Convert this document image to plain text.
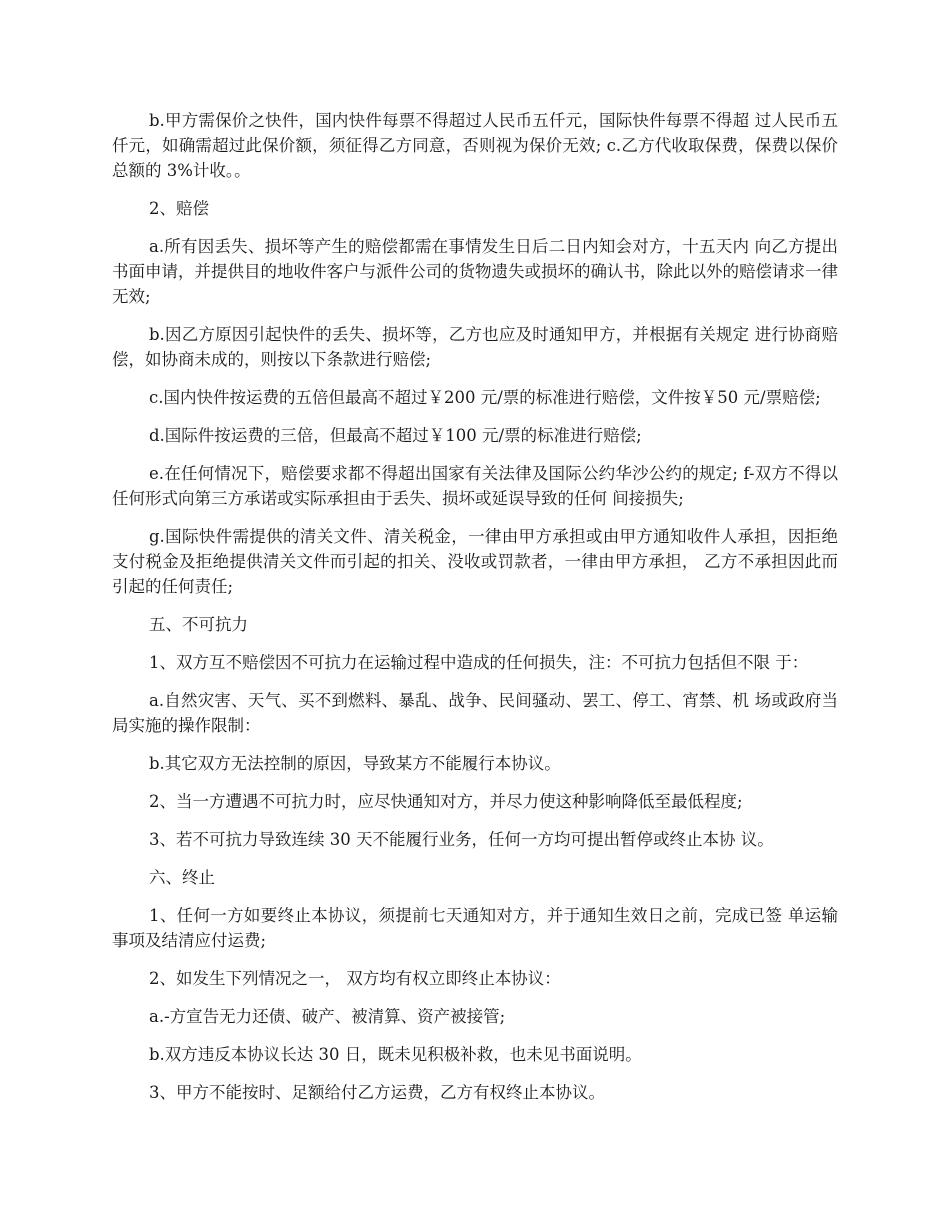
b.甲方需保价之快件，国内快件每票不得超过人民币五仟元，国际快件每票不得超 过人民币五仟元，如确需超过此保价额，须征得乙方同意，否则视为保价无效; c.乙方代收取保费，保费以保价总额的 3%计收。。

2、赔偿

a.所有因丢失、损坏等产生的赔偿都需在事情发生日后二日内知会对方，十五天内 向乙方提出书面申请，并提供目的地收件客户与派件公司的货物遗失或损坏的确认书，除此以外的赔偿请求一律无效;

b.因乙方原因引起快件的丢失、损坏等，乙方也应及时通知甲方，并根据有关规定 进行协商赔偿，如协商未成的，则按以下条款进行赔偿;

c.国内快件按运费的五倍但最高不超过￥200 元/票的标准进行赔偿，文件按￥50 元/票赔偿;

d.国际件按运费的三倍，但最高不超过￥100 元/票的标准进行赔偿;

e.在任何情况下，赔偿要求都不得超出国家有关法律及国际公约华沙公约的规定; f-双方不得以任何形式向第三方承诺或实际承担由于丢失、损坏或延误导致的任何 间接损失;

g.国际快件需提供的清关文件、清关税金，一律由甲方承担或由甲方通知收件人承担，因拒绝支付税金及拒绝提供清关文件而引起的扣关、没收或罚款者，一律由甲方承担， 乙方不承担因此而引起的任何责任;

五、不可抗力

1、双方互不赔偿因不可抗力在运输过程中造成的任何损失，注：不可抗力包括但不限 于：

a.自然灾害、天气、买不到燃料、暴乱、战争、民间骚动、罢工、停工、宵禁、机 场或政府当局实施的操作限制：

b.其它双方无法控制的原因，导致某方不能履行本协议。

2、当一方遭遇不可抗力时，应尽快通知对方，并尽力使这种影响降低至最低程度;

3、若不可抗力导致连续 30 天不能履行业务，任何一方均可提出暂停或终止本协 议。

六、终止

1、任何一方如要终止本协议，须提前七天通知对方，并于通知生效日之前，完成已签 单运输事项及结清应付运费;

2、如发生下列情况之一， 双方均有权立即终止本协议：

a.-方宣告无力还债、破产、被清算、资产被接管;

b.双方违反本协议长达 30 日，既未见积极补救，也未见书面说明。

3、甲方不能按时、足额给付乙方运费，乙方有权终止本协议。
